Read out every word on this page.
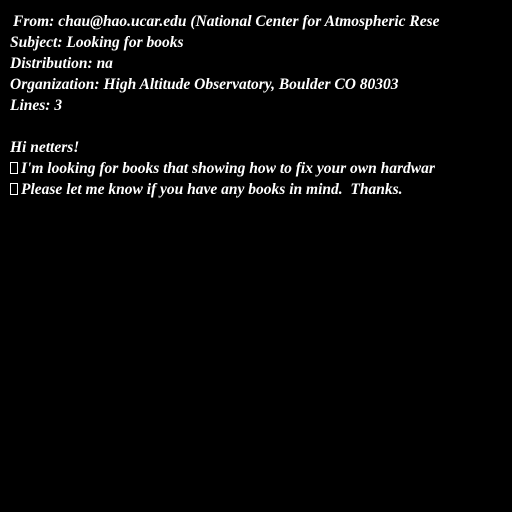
From: chau@hao.ucar.edu (National Center for Atmospheric Rese
Subject: Looking for books
Distribution: na
Organization: High Altitude Observatory, Boulder CO 80303
Lines: 3
Hi netters!
I'm looking for books that showing how to fix your own hardwar
Please let me know if you have any books in mind.  Thanks.
